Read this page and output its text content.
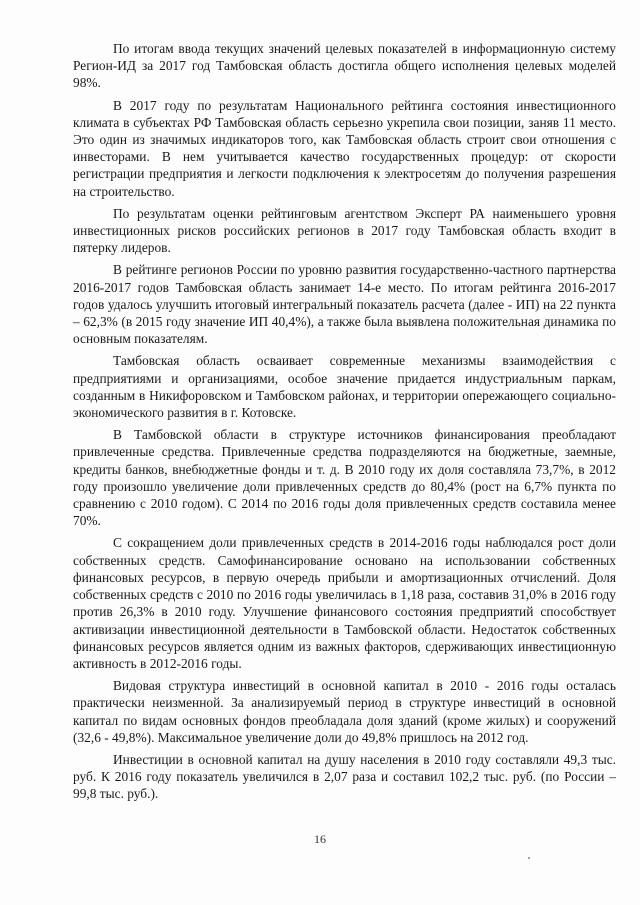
По итогам ввода текущих значений целевых показателей в информационную систему Регион-ИД за 2017 год Тамбовская область достигла общего исполнения целевых моделей 98%.

В 2017 году по результатам Национального рейтинга состояния инвестиционного климата в субъектах РФ Тамбовская область серьезно укрепила свои позиции, заняв 11 место. Это один из значимых индикаторов того, как Тамбовская область строит свои отношения с инвесторами. В нем учитывается качество государственных процедур: от скорости регистрации предприятия и легкости подключения к электросетям до получения разрешения на строительство.

По результатам оценки рейтинговым агентством Эксперт РА наименьшего уровня инвестиционных рисков российских регионов в 2017 году Тамбовская область входит в пятерку лидеров.

В рейтинге регионов России по уровню развития государственно-частного партнерства 2016-2017 годов Тамбовская область занимает 14-е место. По итогам рейтинга 2016-2017 годов удалось улучшить итоговый интегральный показатель расчета (далее - ИП) на 22 пункта – 62,3% (в 2015 году значение ИП 40,4%), а также была выявлена положительная динамика по основным показателям.

Тамбовская область осваивает современные механизмы взаимодействия с предприятиями и организациями, особое значение придается индустриальным паркам, созданным в Никифоровском и Тамбовском районах, и территории опережающего социально- экономического развития в г. Котовске.

В Тамбовской области в структуре источников финансирования преобладают привлеченные средства. Привлеченные средства подразделяются на бюджетные, заемные, кредиты банков, внебюджетные фонды и т. д. В 2010 году их доля составляла 73,7%, в 2012 году произошло увеличение доли привлеченных средств до 80,4% (рост на 6,7% пункта по сравнению с 2010 годом). С 2014 по 2016 годы доля привлеченных средств составила менее 70%.

С сокращением доли привлеченных средств в 2014-2016 годы наблюдался рост доли собственных средств. Самофинансирование основано на использовании собственных финансовых ресурсов, в первую очередь прибыли и амортизационных отчислений. Доля собственных средств с 2010 по 2016 годы увеличилась в 1,18 раза, составив 31,0% в 2016 году против 26,3% в 2010 году. Улучшение финансового состояния предприятий способствует активизации инвестиционной деятельности в Тамбовской области. Недостаток собственных финансовых ресурсов является одним из важных факторов, сдерживающих инвестиционную активность в 2012-2016 годы.

Видовая структура инвестиций в основной капитал в 2010 - 2016 годы осталась практически неизменной. За анализируемый период в структуре инвестиций в основной капитал по видам основных фондов преобладала доля зданий (кроме жилых) и сооружений (32,6 - 49,8%). Максимальное увеличение доли до 49,8% пришлось на 2012 год.

Инвестиции в основной капитал на душу населения в 2010 году составляли 49,3 тыс. руб. К 2016 году показатель увеличился в 2,07 раза и составил 102,2 тыс. руб. (по России – 99,8 тыс. руб.).

16
